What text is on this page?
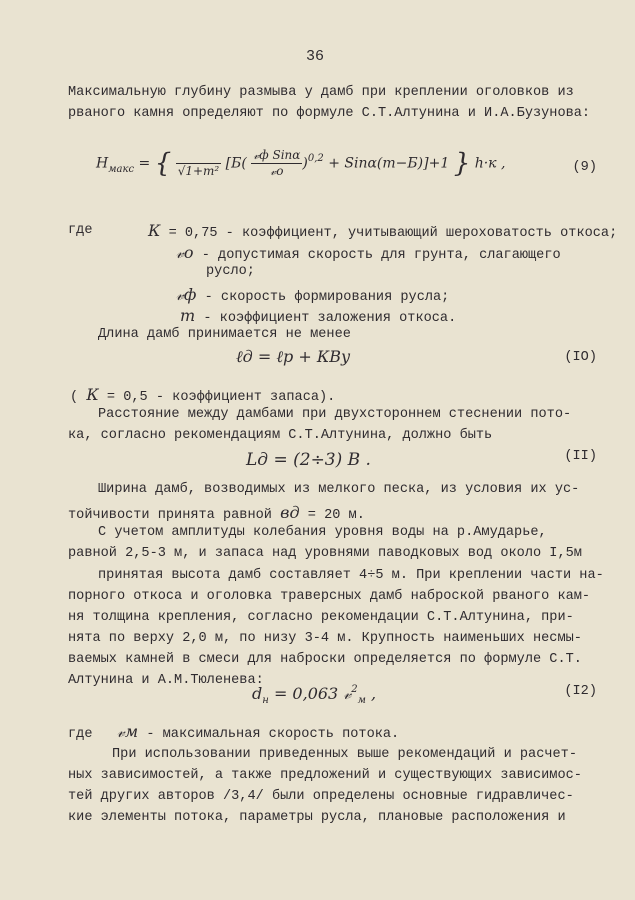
36
Максимальную глубину размыва у дамб при креплении оголовков из
рваного камня определяют по формуле С.Т.Алтунина и И.А.Бузунова:
$H_{макс}$ = {
√1+m² $[Б( \frac{\text{𝓋ф Sinα}}{\text{𝓋o}} )^{0,2} + Sin\alpha(m-Б)]+1$ } h·к ,	(9)
где	К = 0,75 - коэффициент, учитывающий шероховатость откоса;
𝓋o - допустимая скорость для грунта, слагающего
русло;
𝓋ф - скорость формирования русла;
m - коэффициент заложения откоса.
Длина дамб принимается не менее
ℓд = ℓр + КВу	(IO)
( К = 0,5 - коэффициент запаса).
Расстояние между дамбами при двухстороннем стеснении пото-
ка, согласно рекомендациям С.Т.Алтунина, должно быть
Lд = (2÷3) B .	(II)
Ширина дамб, возводимых из мелкого песка, из условия их ус-
тойчивости принята равной вд = 20 м.
С учетом амплитуды колебания уровня воды на р.Амударье,
равной 2,5-3 м, и запаса над уровнями паводковых вод около I,5м
принятая высота дамб составляет 4÷5 м. При креплении части на-
порного откоса и оголовка траверсных дамб наброской рваного кам-
ня толщина крепления, согласно рекомендации С.Т.Алтунина, при-
нята по верху 2,0 м, по низу 3-4 м. Крупность наименьших несмы-
ваемых камней в смеси для наброски определяется по формуле С.Т.
Алтунина и А.М.Тюленева:
$d_н = 0,063$ 𝓋$^2_м$ ,	(I2)
где 𝓋м - максимальная скорость потока.
При использовании приведенных выше рекомендаций и расчет-
ных зависимостей, а также предложений и существующих зависимос-
тей других авторов /3,4/ были определены основные гидравличес-
кие элементы потока, параметры русла, плановые расположения и
